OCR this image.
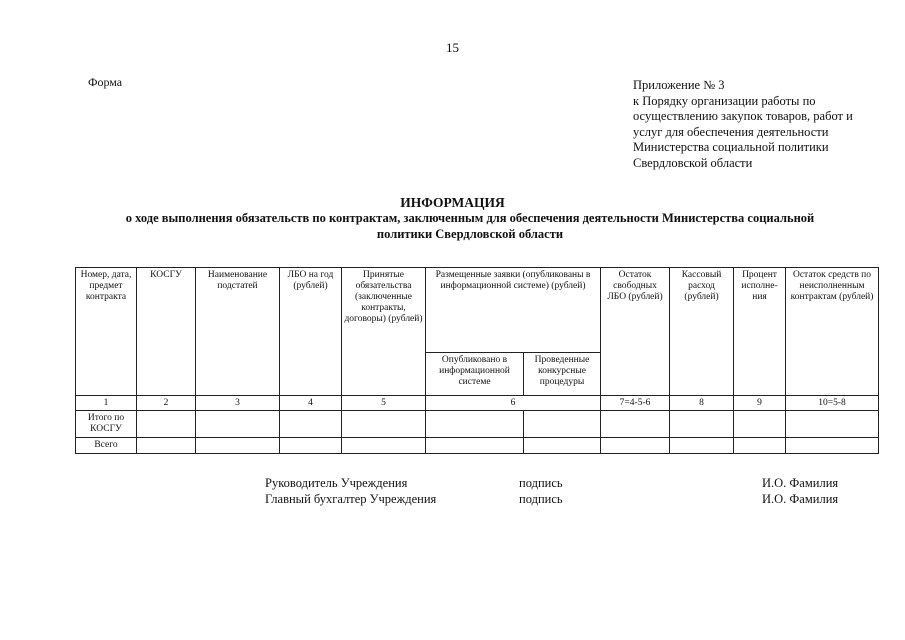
15
Форма	Приложение № 3
к Порядку организации работы по
осуществлению закупок товаров, работ и
услуг для обеспечения деятельности
Министерства социальной политики
Свердловской области
ИНФОРМАЦИЯ
о ходе выполнения обязательств по контрактам, заключенным для обеспечения деятельности Министерства социальной политики Свердловской области
Номер, дата, предмет контракта	КОСГУ	Наименование подстатей	ЛБО на год (рублей)	Принятые обязательства (заключенные контракты, договоры) (рублей)	Размещенные заявки (опубликованы в информационной системе) (рублей)		Остаток свободных ЛБО (рублей)	Кассовый расход (рублей)	Процент исполне-ния	Остаток средств по неисполненным контрактам (рублей)
					Опубликовано в информационной системе	Проведенные конкурсные процедуры				
1	2	3	4	5	6		7=4-5-6	8	9	10=5-8
Итого по КОСГУ										
Всего										
Руководитель Учреждения	подпись	И.О. Фамилия
Главный бухгалтер Учреждения	подпись	И.О. Фамилия
